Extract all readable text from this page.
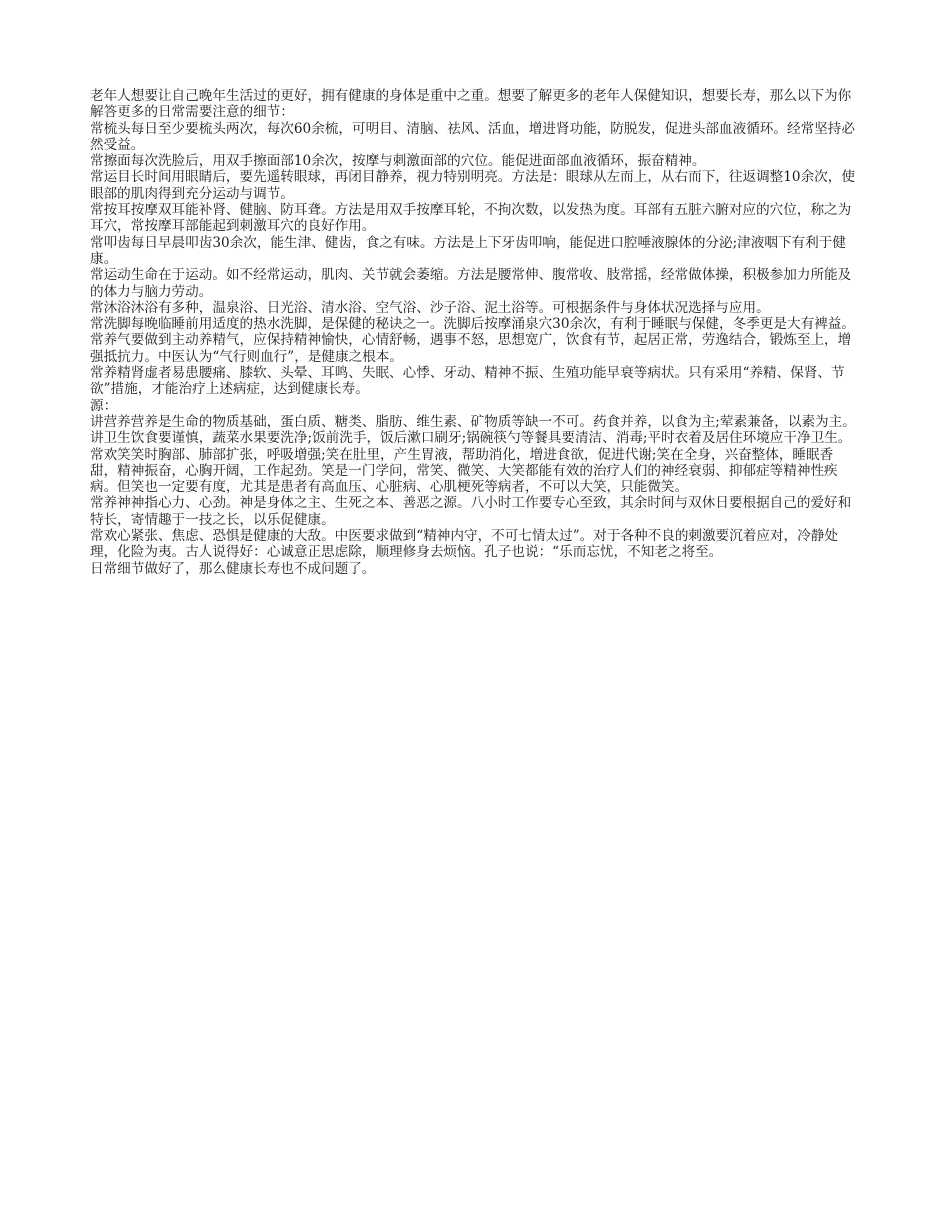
老年人想要让自己晚年生活过的更好，拥有健康的身体是重中之重。想要了解更多的老年人保健知识，想要长寿，那么以下为你解答更多的日常需要注意的细节：

常梳头每日至少要梳头两次，每次60余梳，可明目、清脑、祛风、活血，增进肾功能，防脱发，促进头部血液循环。经常坚持必然受益。

常擦面每次洗脸后，用双手擦面部10余次，按摩与刺激面部的穴位。能促进面部血液循环，振奋精神。

常运目长时间用眼睛后，要先遥转眼球，再闭目静养，视力特别明亮。方法是：眼球从左而上，从右而下，往返调整10余次，使眼部的肌肉得到充分运动与调节。

常按耳按摩双耳能补肾、健脑、防耳聋。方法是用双手按摩耳轮，不拘次数，以发热为度。耳部有五脏六腑对应的穴位，称之为耳穴，常按摩耳部能起到刺激耳穴的良好作用。

常叩齿每日早晨叩齿30余次，能生津、健齿，食之有味。方法是上下牙齿叩响，能促进口腔唾液腺体的分泌;津液咽下有利于健康。

常运动生命在于运动。如不经常运动，肌肉、关节就会萎缩。方法是腰常伸、腹常收、肢常摇，经常做体操，积极参加力所能及的体力与脑力劳动。

常沐浴沐浴有多种，温泉浴、日光浴、清水浴、空气浴、沙子浴、泥土浴等。可根据条件与身体状况选择与应用。

常洗脚每晚临睡前用适度的热水洗脚，是保健的秘诀之一。洗脚后按摩涌泉穴30余次，有利于睡眠与保健，冬季更是大有裨益。

常养气要做到主动养精气，应保持精神愉快，心情舒畅，遇事不怒，思想宽广，饮食有节，起居正常，劳逸结合，锻炼至上，增强抵抗力。中医认为“气行则血行”，是健康之根本。

常养精肾虚者易患腰痛、膝软、头晕、耳鸣、失眠、心悸、牙动、精神不振、生殖功能早衰等病状。只有采用“养精、保肾、节欲”措施，才能治疗上述病症，达到健康长寿。

源：

讲营养营养是生命的物质基础，蛋白质、糖类、脂肪、维生素、矿物质等缺一不可。药食并养，以食为主;荤素兼备，以素为主。

讲卫生饮食要谨慎，蔬菜水果要洗净;饭前洗手，饭后漱口刷牙;锅碗筷勺等餐具要清洁、消毒;平时衣着及居住环境应干净卫生。

常欢笑笑时胸部、肺部扩张，呼吸增强;笑在肚里，产生胃液，帮助消化，增进食欲，促进代谢;笑在全身，兴奋整体，睡眠香甜，精神振奋，心胸开阔，工作起劲。笑是一门学问，常笑、微笑、大笑都能有效的治疗人们的神经衰弱、抑郁症等精神性疾病。但笑也一定要有度，尤其是患者有高血压、心脏病、心肌梗死等病者，不可以大笑，只能微笑。

常养神神指心力、心劲。神是身体之主、生死之本、善恶之源。八小时工作要专心至致，其余时间与双休日要根据自己的爱好和特长，寄情趣于一技之长，以乐促健康。

常欢心紧张、焦虑、恐惧是健康的大敌。中医要求做到“精神内守，不可七情太过”。对于各种不良的刺激要沉着应对，冷静处理，化险为夷。古人说得好：心诚意正思虑除，顺理修身去烦恼。孔子也说：“乐而忘忧，不知老之将至。

日常细节做好了，那么健康长寿也不成问题了。
